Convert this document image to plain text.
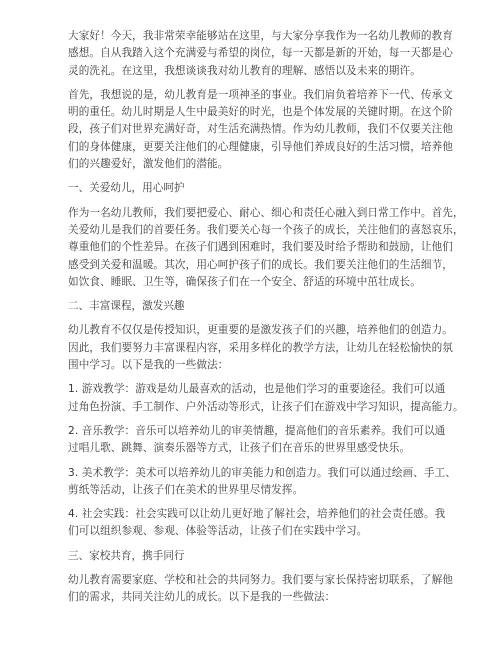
大家好！今天，我非常荣幸能够站在这里，与大家分享我作为一名幼儿教师的教育
感想。自从我踏入这个充满爱与希望的岗位，每一天都是新的开始，每一天都是心
灵的洗礼。在这里，我想谈谈我对幼儿教育的理解、感悟以及未来的期许。
首先，我想说的是，幼儿教育是一项神圣的事业。我们肩负着培养下一代、传承文
明的重任。幼儿时期是人生中最美好的时光，也是个体发展的关键时期。在这个阶
段，孩子们对世界充满好奇，对生活充满热情。作为幼儿教师，我们不仅要关注他
们的身体健康，更要关注他们的心理健康，引导他们养成良好的生活习惯，培养他
们的兴趣爱好，激发他们的潜能。
一、关爱幼儿，用心呵护
作为一名幼儿教师，我们要把爱心、耐心、细心和责任心融入到日常工作中。首先，
关爱幼儿是我们的首要任务。我们要关心每一个孩子的成长，关注他们的喜怒哀乐，
尊重他们的个性差异。在孩子们遇到困难时，我们要及时给予帮助和鼓励，让他们
感受到关爱和温暖。其次，用心呵护孩子们的成长。我们要关注他们的生活细节，
如饮食、睡眠、卫生等，确保孩子们在一个安全、舒适的环境中茁壮成长。
二、丰富课程，激发兴趣
幼儿教育不仅仅是传授知识，更重要的是激发孩子们的兴趣，培养他们的创造力。
因此，我们要努力丰富课程内容，采用多样化的教学方法，让幼儿在轻松愉快的氛
围中学习。以下是我的一些做法：
1. 游戏教学：游戏是幼儿最喜欢的活动，也是他们学习的重要途径。我们可以通
过角色扮演、手工制作、户外活动等形式，让孩子们在游戏中学习知识，提高能力。
2. 音乐教学：音乐可以培养幼儿的审美情趣，提高他们的音乐素养。我们可以通
过唱儿歌、跳舞、演奏乐器等方式，让孩子们在音乐的世界里感受快乐。
3. 美术教学：美术可以培养幼儿的审美能力和创造力。我们可以通过绘画、手工、
剪纸等活动，让孩子们在美术的世界里尽情发挥。
4. 社会实践：社会实践可以让幼儿更好地了解社会，培养他们的社会责任感。我
们可以组织参观、参观、体验等活动，让孩子们在实践中学习。
三、家校共育，携手同行
幼儿教育需要家庭、学校和社会的共同努力。我们要与家长保持密切联系，了解他
们的需求，共同关注幼儿的成长。以下是我的一些做法：
